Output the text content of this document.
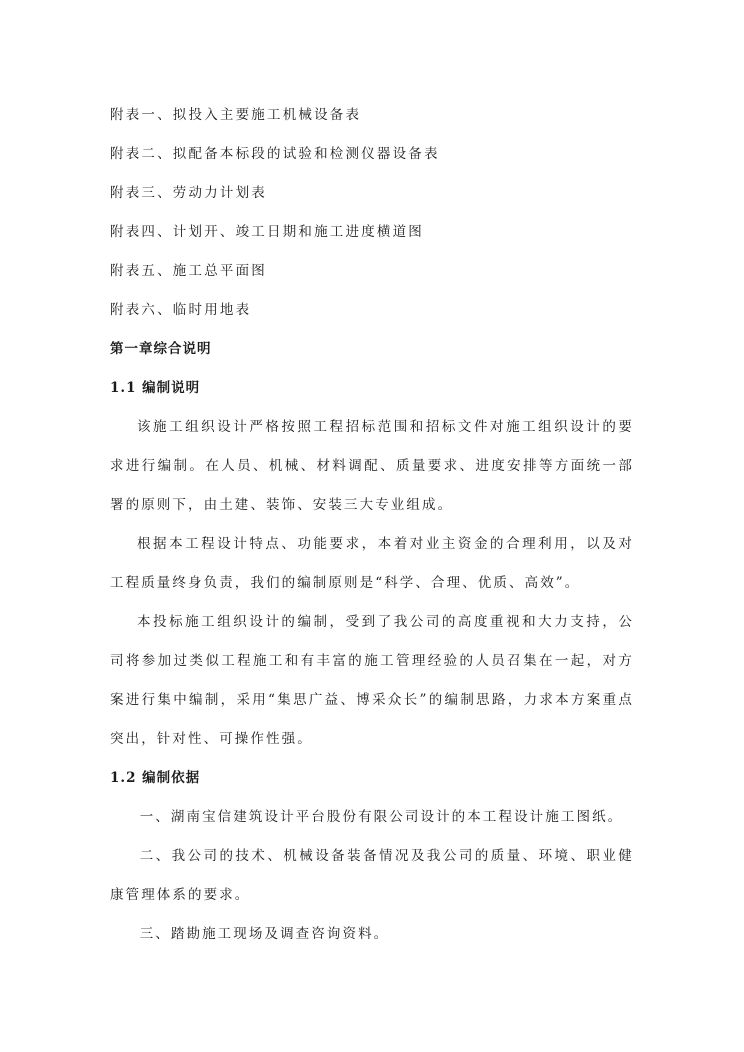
附表一、拟投入主要施工机械设备表

附表二、拟配备本标段的试验和检测仪器设备表

附表三、劳动力计划表

附表四、计划开、竣工日期和施工进度横道图

附表五、施工总平面图

附表六、临时用地表

第一章综合说明
1.1 编制说明

该施工组织设计严格按照工程招标范围和招标文件对施工组织设计的要求进行编制。在人员、机械、材料调配、质量要求、进度安排等方面统一部署的原则下，由土建、装饰、安装三大专业组成。

根据本工程设计特点、功能要求，本着对业主资金的合理利用，以及对工程质量终身负责，我们的编制原则是“科学、合理、优质、高效”。

本投标施工组织设计的编制，受到了我公司的高度重视和大力支持，公司将参加过类似工程施工和有丰富的施工管理经验的人员召集在一起，对方案进行集中编制，采用“集思广益、博采众长”的编制思路，力求本方案重点突出，针对性、可操作性强。

1.2 编制依据

一、湖南宝信建筑设计平台股份有限公司设计的本工程设计施工图纸。

二、我公司的技术、机械设备装备情况及我公司的质量、环境、职业健康管理体系的要求。

三、踏勘施工现场及调查咨询资料。
